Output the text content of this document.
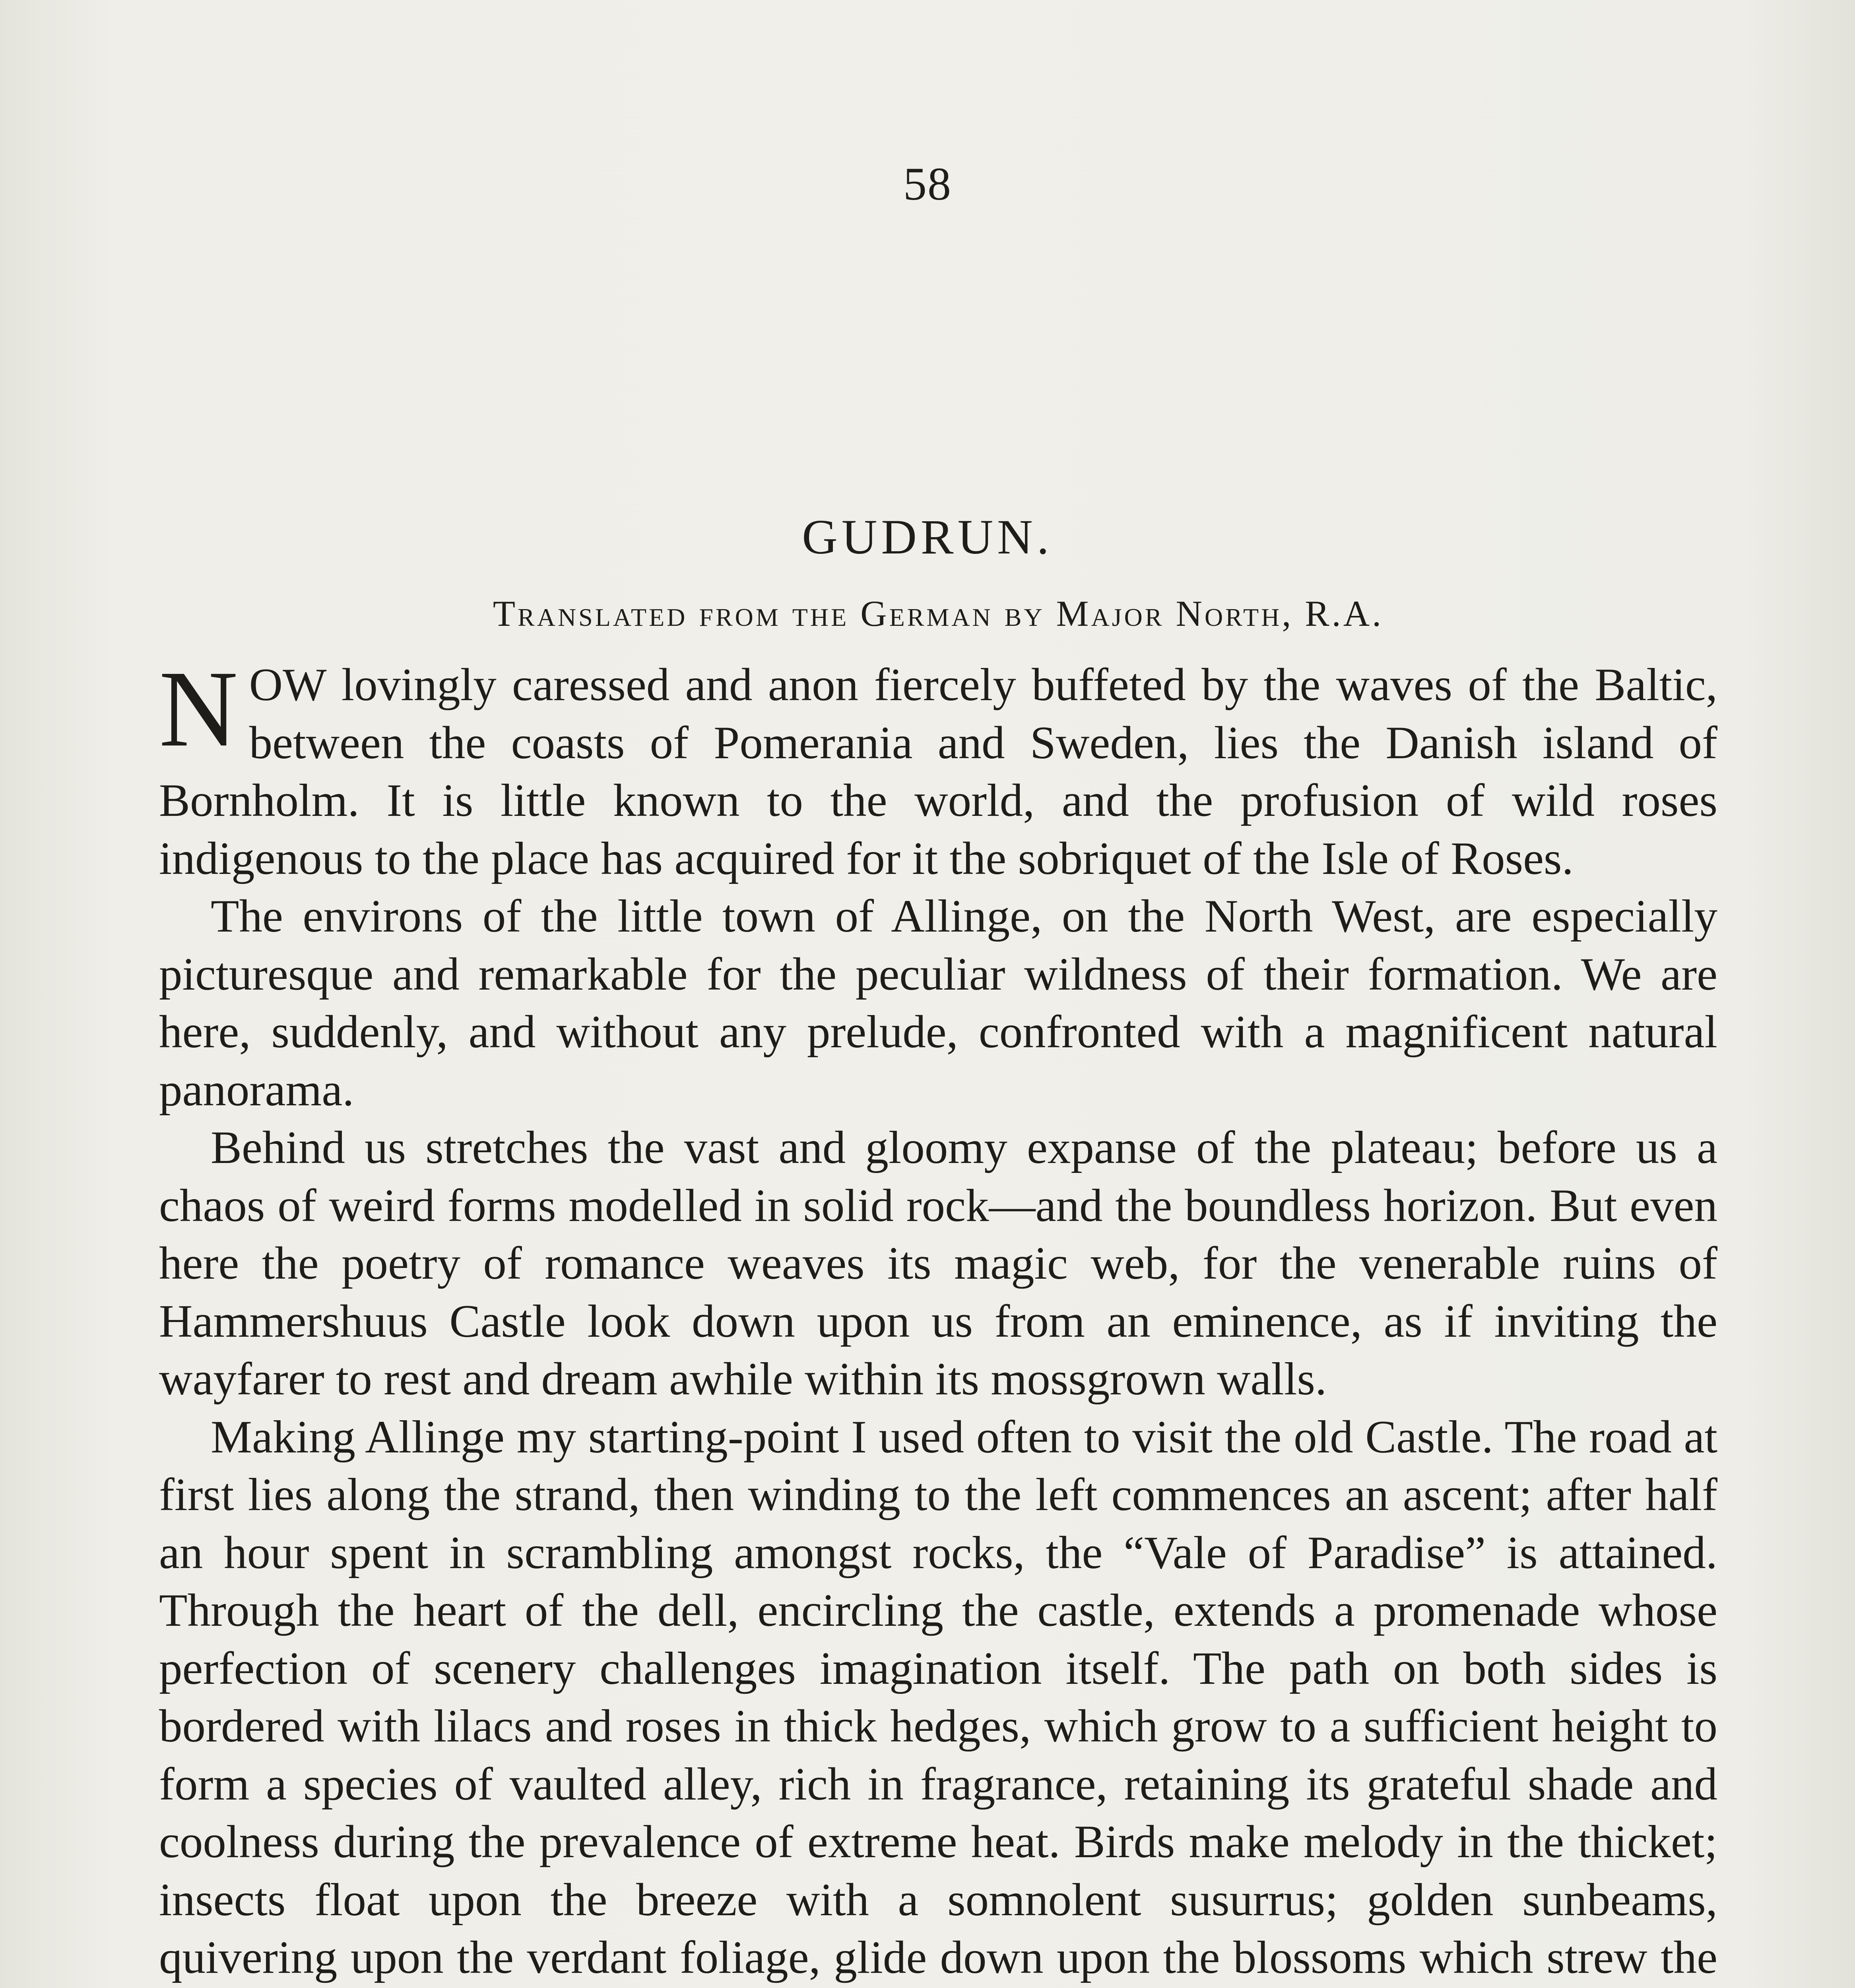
58
GUDRUN.
Translated from the German by Major North, R.A.

NOW lovingly caressed and anon fiercely buffeted by the waves of the Baltic, between the coasts of Pomerania and Sweden, lies the Danish island of Bornholm. It is little known to the world, and the profusion of wild roses indigenous to the place has acquired for it the sobriquet of the Isle of Roses.

The environs of the little town of Allinge, on the North West, are especially picturesque and remarkable for the peculiar wildness of their formation. We are here, suddenly, and without any prelude, confronted with a magnificent natural panorama.

Behind us stretches the vast and gloomy expanse of the plateau; before us a chaos of weird forms modelled in solid rock—and the boundless horizon. But even here the poetry of romance weaves its magic web, for the venerable ruins of Hammershuus Castle look down upon us from an eminence, as if inviting the wayfarer to rest and dream awhile within its mossgrown walls.

Making Allinge my starting-point I used often to visit the old Castle. The road at first lies along the strand, then winding to the left commences an ascent; after half an hour spent in scrambling amongst rocks, the “Vale of Paradise” is attained. Through the heart of the dell, encircling the castle, extends a promenade whose perfection of scenery challenges imagination itself. The path on both sides is bordered with lilacs and roses in thick hedges, which grow to a sufficient height to form a species of vaulted alley, rich in fragrance, retaining its grateful shade and coolness during the prevalence of extreme heat. Birds make melody in the thicket; insects float upon the breeze with a somnolent susurrus; golden sunbeams, quivering upon the verdant foliage, glide down upon the blossoms which strew the
